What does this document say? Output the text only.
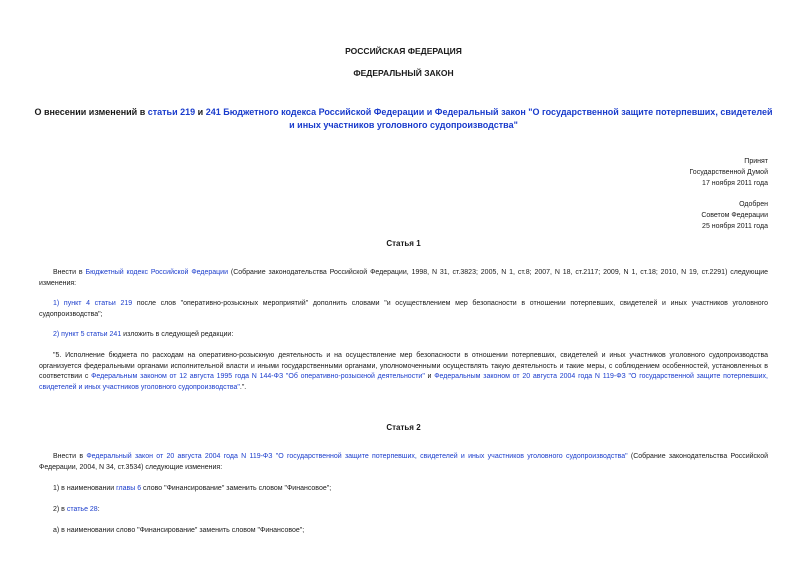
РОССИЙСКАЯ ФЕДЕРАЦИЯ
ФЕДЕРАЛЬНЫЙ ЗАКОН
О внесении изменений в статьи 219 и 241 Бюджетного кодекса Российской Федерации и Федеральный закон "О государственной защите потерпевших, свидетелей
и иных участников уголовного судопроизводства"
Принят
Государственной Думой
17 ноября 2011 года
Одобрен
Советом Федерации
25 ноября 2011 года
Статья 1
Внести в Бюджетный кодекс Российской Федерации (Собрание законодательства Российской Федерации, 1998, N 31, ст.3823; 2005, N 1, ст.8; 2007, N 18, ст.2117; 2009, N 1, ст.18; 2010, N 19, ст.2291) следующие изменения:
1) пункт 4 статьи 219 после слов "оперативно-розыскных мероприятий" дополнить словами "и осуществлением мер безопасности в отношении потерпевших, свидетелей и иных участников уголовного судопроизводства";
2) пункт 5 статьи 241 изложить в следующей редакции:
"5. Исполнение бюджета по расходам на оперативно-розыскную деятельность и на осуществление мер безопасности в отношении потерпевших, свидетелей и иных участников уголовного судопроизводства организуется федеральными органами исполнительной власти и иными государственными органами, уполномоченными осуществлять такую деятельность и такие меры, с соблюдением особенностей, установленных в соответствии с Федеральным законом от 12 августа 1995 года N 144-ФЗ "Об оперативно-розыскной деятельности" и Федеральным законом от 20 августа 2004 года N 119-ФЗ "О государственной защите потерпевших, свидетелей и иных участников уголовного судопроизводства".".
Статья 2
Внести в Федеральный закон от 20 августа 2004 года N 119-ФЗ "О государственной защите потерпевших, свидетелей и иных участников уголовного судопроизводства" (Собрание законодательства Российской Федерации, 2004, N 34, ст.3534) следующие изменения:
1) в наименовании главы 6 слово "Финансирование" заменить словом "Финансовое";
2) в статье 28:
а) в наименовании слово "Финансирование" заменить словом "Финансовое";
